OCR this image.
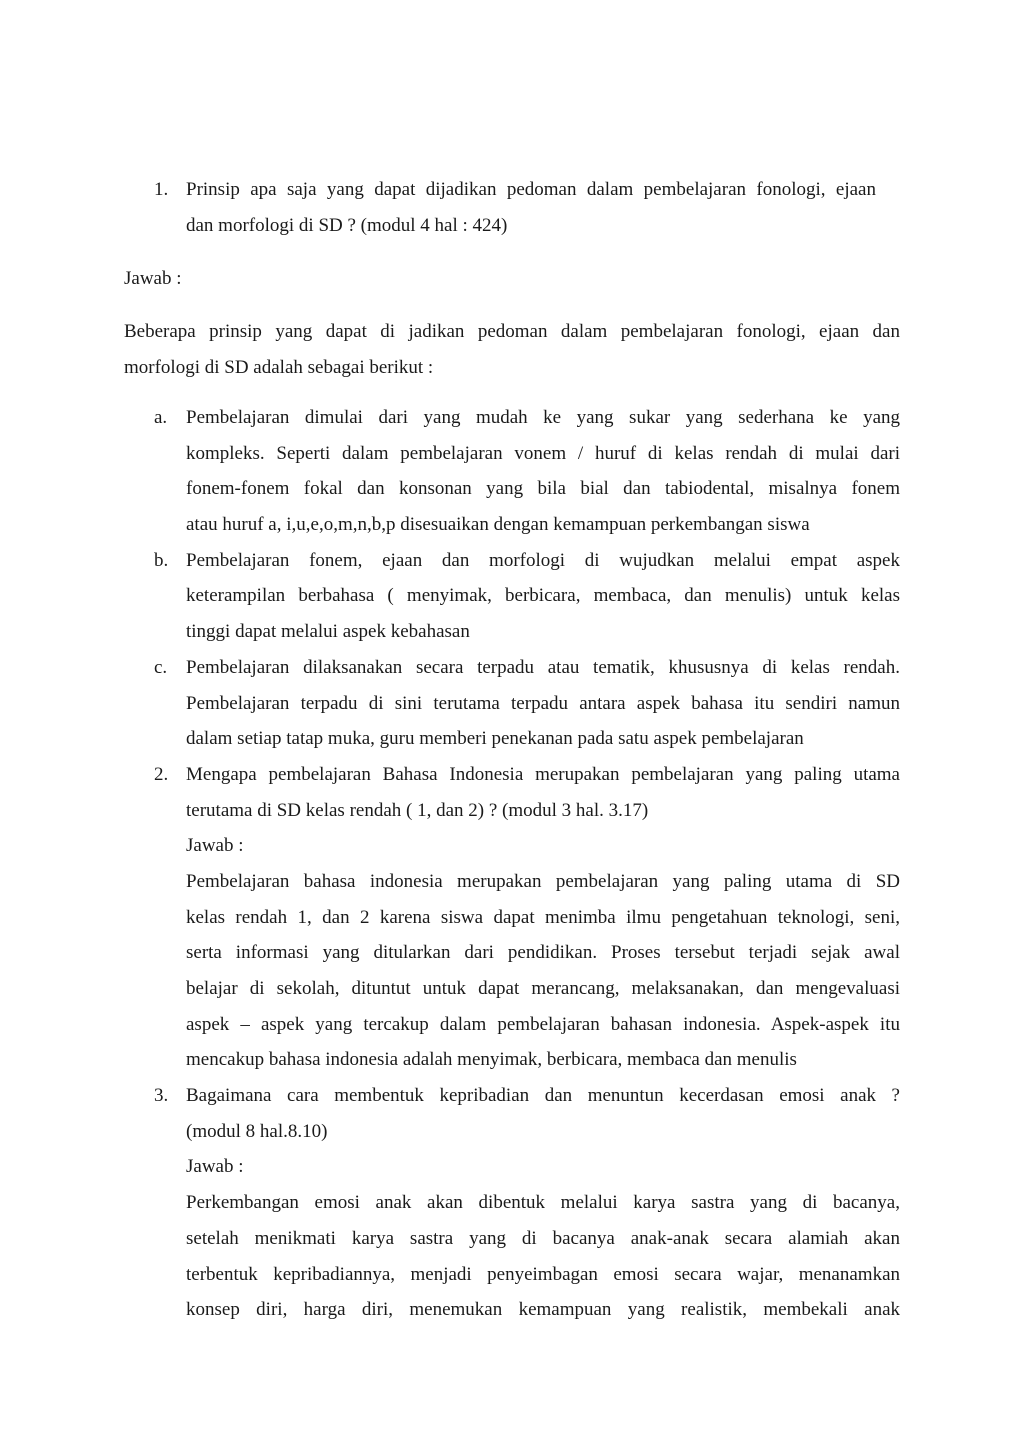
1. Prinsip apa saja yang dapat dijadikan pedoman dalam pembelajaran fonologi, ejaan
dan morfologi di SD ? (modul 4 hal : 424)
Jawab :
Beberapa prinsip yang dapat di jadikan pedoman dalam pembelajaran fonologi, ejaan dan
morfologi di SD adalah sebagai berikut :
a. Pembelajaran dimulai dari yang mudah ke yang sukar yang sederhana ke yang
kompleks. Seperti dalam pembelajaran vonem / huruf di kelas rendah di mulai dari
fonem-fonem fokal dan konsonan yang bila bial dan tabiodental, misalnya fonem
atau huruf a, i,u,e,o,m,n,b,p disesuaikan dengan kemampuan perkembangan siswa
b. Pembelajaran fonem, ejaan dan morfologi di wujudkan melalui empat aspek
keterampilan berbahasa ( menyimak, berbicara, membaca, dan menulis) untuk kelas
tinggi dapat melalui aspek kebahasan
c. Pembelajaran dilaksanakan secara terpadu atau tematik, khususnya di kelas rendah.
Pembelajaran terpadu di sini terutama terpadu antara aspek bahasa itu sendiri namun
dalam setiap tatap muka, guru memberi penekanan pada satu aspek pembelajaran
2. Mengapa pembelajaran Bahasa Indonesia merupakan pembelajaran yang paling utama
terutama di SD kelas rendah ( 1, dan 2) ? (modul 3 hal. 3.17)
Jawab :
Pembelajaran bahasa indonesia merupakan pembelajaran yang paling utama di SD
kelas rendah 1, dan 2 karena siswa dapat menimba ilmu pengetahuan teknologi, seni,
serta informasi yang ditularkan dari pendidikan. Proses tersebut terjadi sejak awal
belajar di sekolah, dituntut untuk dapat merancang, melaksanakan, dan mengevaluasi
aspek – aspek yang tercakup dalam pembelajaran bahasan indonesia. Aspek-aspek itu
mencakup bahasa indonesia adalah menyimak, berbicara, membaca dan menulis
3. Bagaimana cara membentuk kepribadian dan menuntun kecerdasan emosi anak ?
(modul 8 hal.8.10)
Jawab :
Perkembangan emosi anak akan dibentuk melalui karya sastra yang di bacanya,
setelah menikmati karya sastra yang di bacanya anak-anak secara alamiah akan
terbentuk kepribadiannya, menjadi penyeimbagan emosi secara wajar, menanamkan
konsep diri, harga diri, menemukan kemampuan yang realistik, membekali anak
